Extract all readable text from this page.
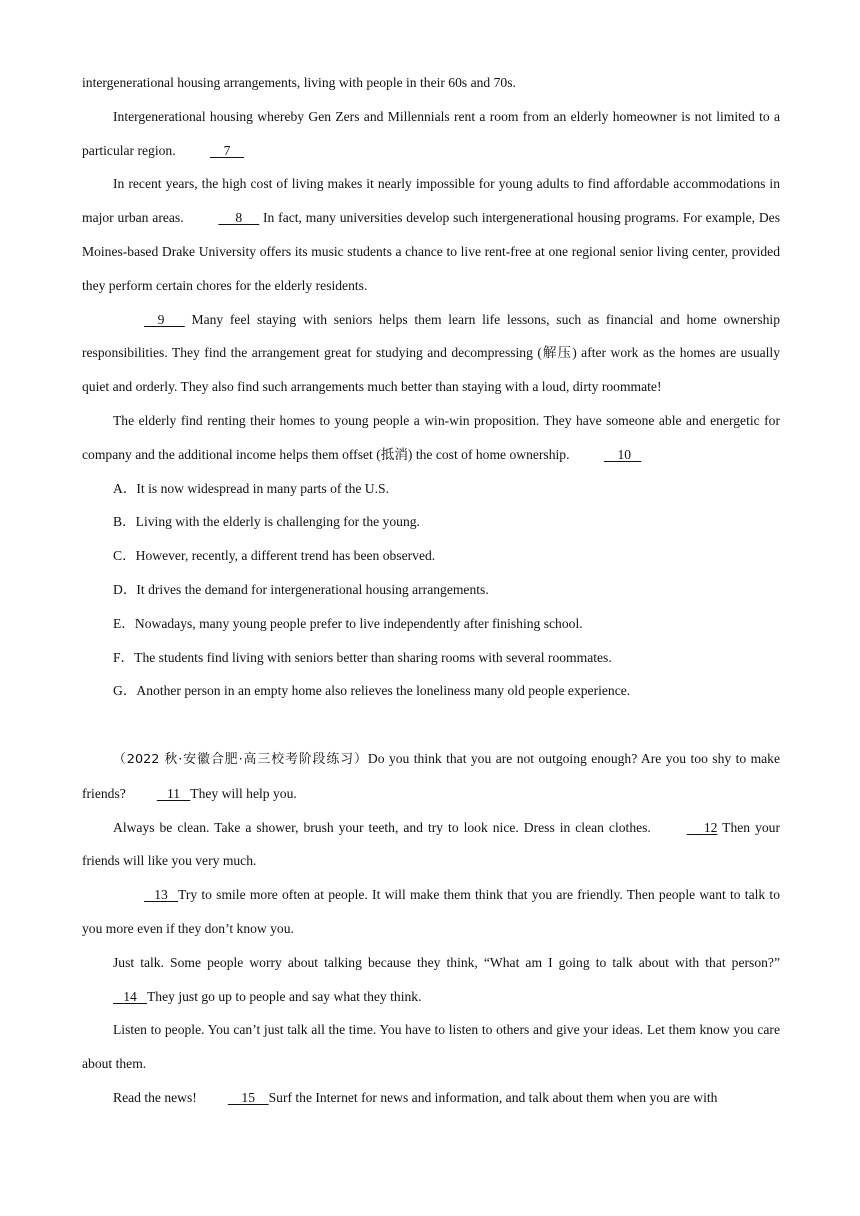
intergenerational housing arrangements, living with people in their 60s and 70s.

Intergenerational housing whereby Gen Zers and Millennials rent a room from an elderly homeowner is not limited to a particular region.	7

In recent years, the high cost of living makes it nearly impossible for young adults to find affordable accommodations in major urban areas.	8 In fact, many universities develop such intergenerational housing programs. For example, Des Moines-based Drake University offers its music students a chance to live rent-free at one regional senior living center, provided they perform certain chores for the elderly residents.

9 Many feel staying with seniors helps them learn life lessons, such as financial and home ownership responsibilities. They find the arrangement great for studying and decompressing (解压) after work as the homes are usually quiet and orderly. They also find such arrangements much better than staying with a loud, dirty roommate!

The elderly find renting their homes to young people a win-win proposition. They have someone able and energetic for company and the additional income helps them offset (抵消) the cost of home ownership.	10

A．It is now widespread in many parts of the U.S.

B．Living with the elderly is challenging for the young.

C．However, recently, a different trend has been observed.

D．It drives the demand for intergenerational housing arrangements.

E．Nowadays, many young people prefer to live independently after finishing school.

F．The students find living with seniors better than sharing rooms with several roommates.

G．Another person in an empty home also relieves the loneliness many old people experience.

（2022 秋·安徽合肥·高三校考阶段练习）Do you think that you are not outgoing enough? Are you too shy to make friends?	11 They will help you.

Always be clean. Take a shower, brush your teeth, and try to look nice. Dress in clean clothes.	12 Then your friends will like you very much.

13 Try to smile more often at people. It will make them think that you are friendly. Then people want to talk to you more even if they don’t know you.

Just talk. Some people worry about talking because they think, “What am I going to talk about with that person?”    14 They just go up to people and say what they think.

Listen to people. You can’t just talk all the time. You have to listen to others and give your ideas. Let them know you care about them.

Read the news!	15 Surf the Internet for news and information, and talk about them when you are with
